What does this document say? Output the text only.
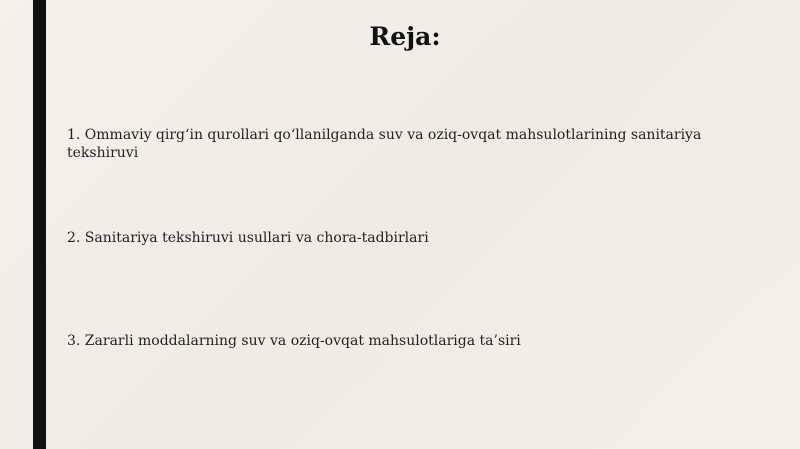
Reja:

1. Ommaviy qirg‘in qurollari qo‘llanilganda suv va oziq-ovqat mahsulotlarining sanitariya tekshiruvi

2. Sanitariya tekshiruvi usullari va chora-tadbirlari

3. Zararli moddalarning suv va oziq-ovqat mahsulotlariga ta’siri
